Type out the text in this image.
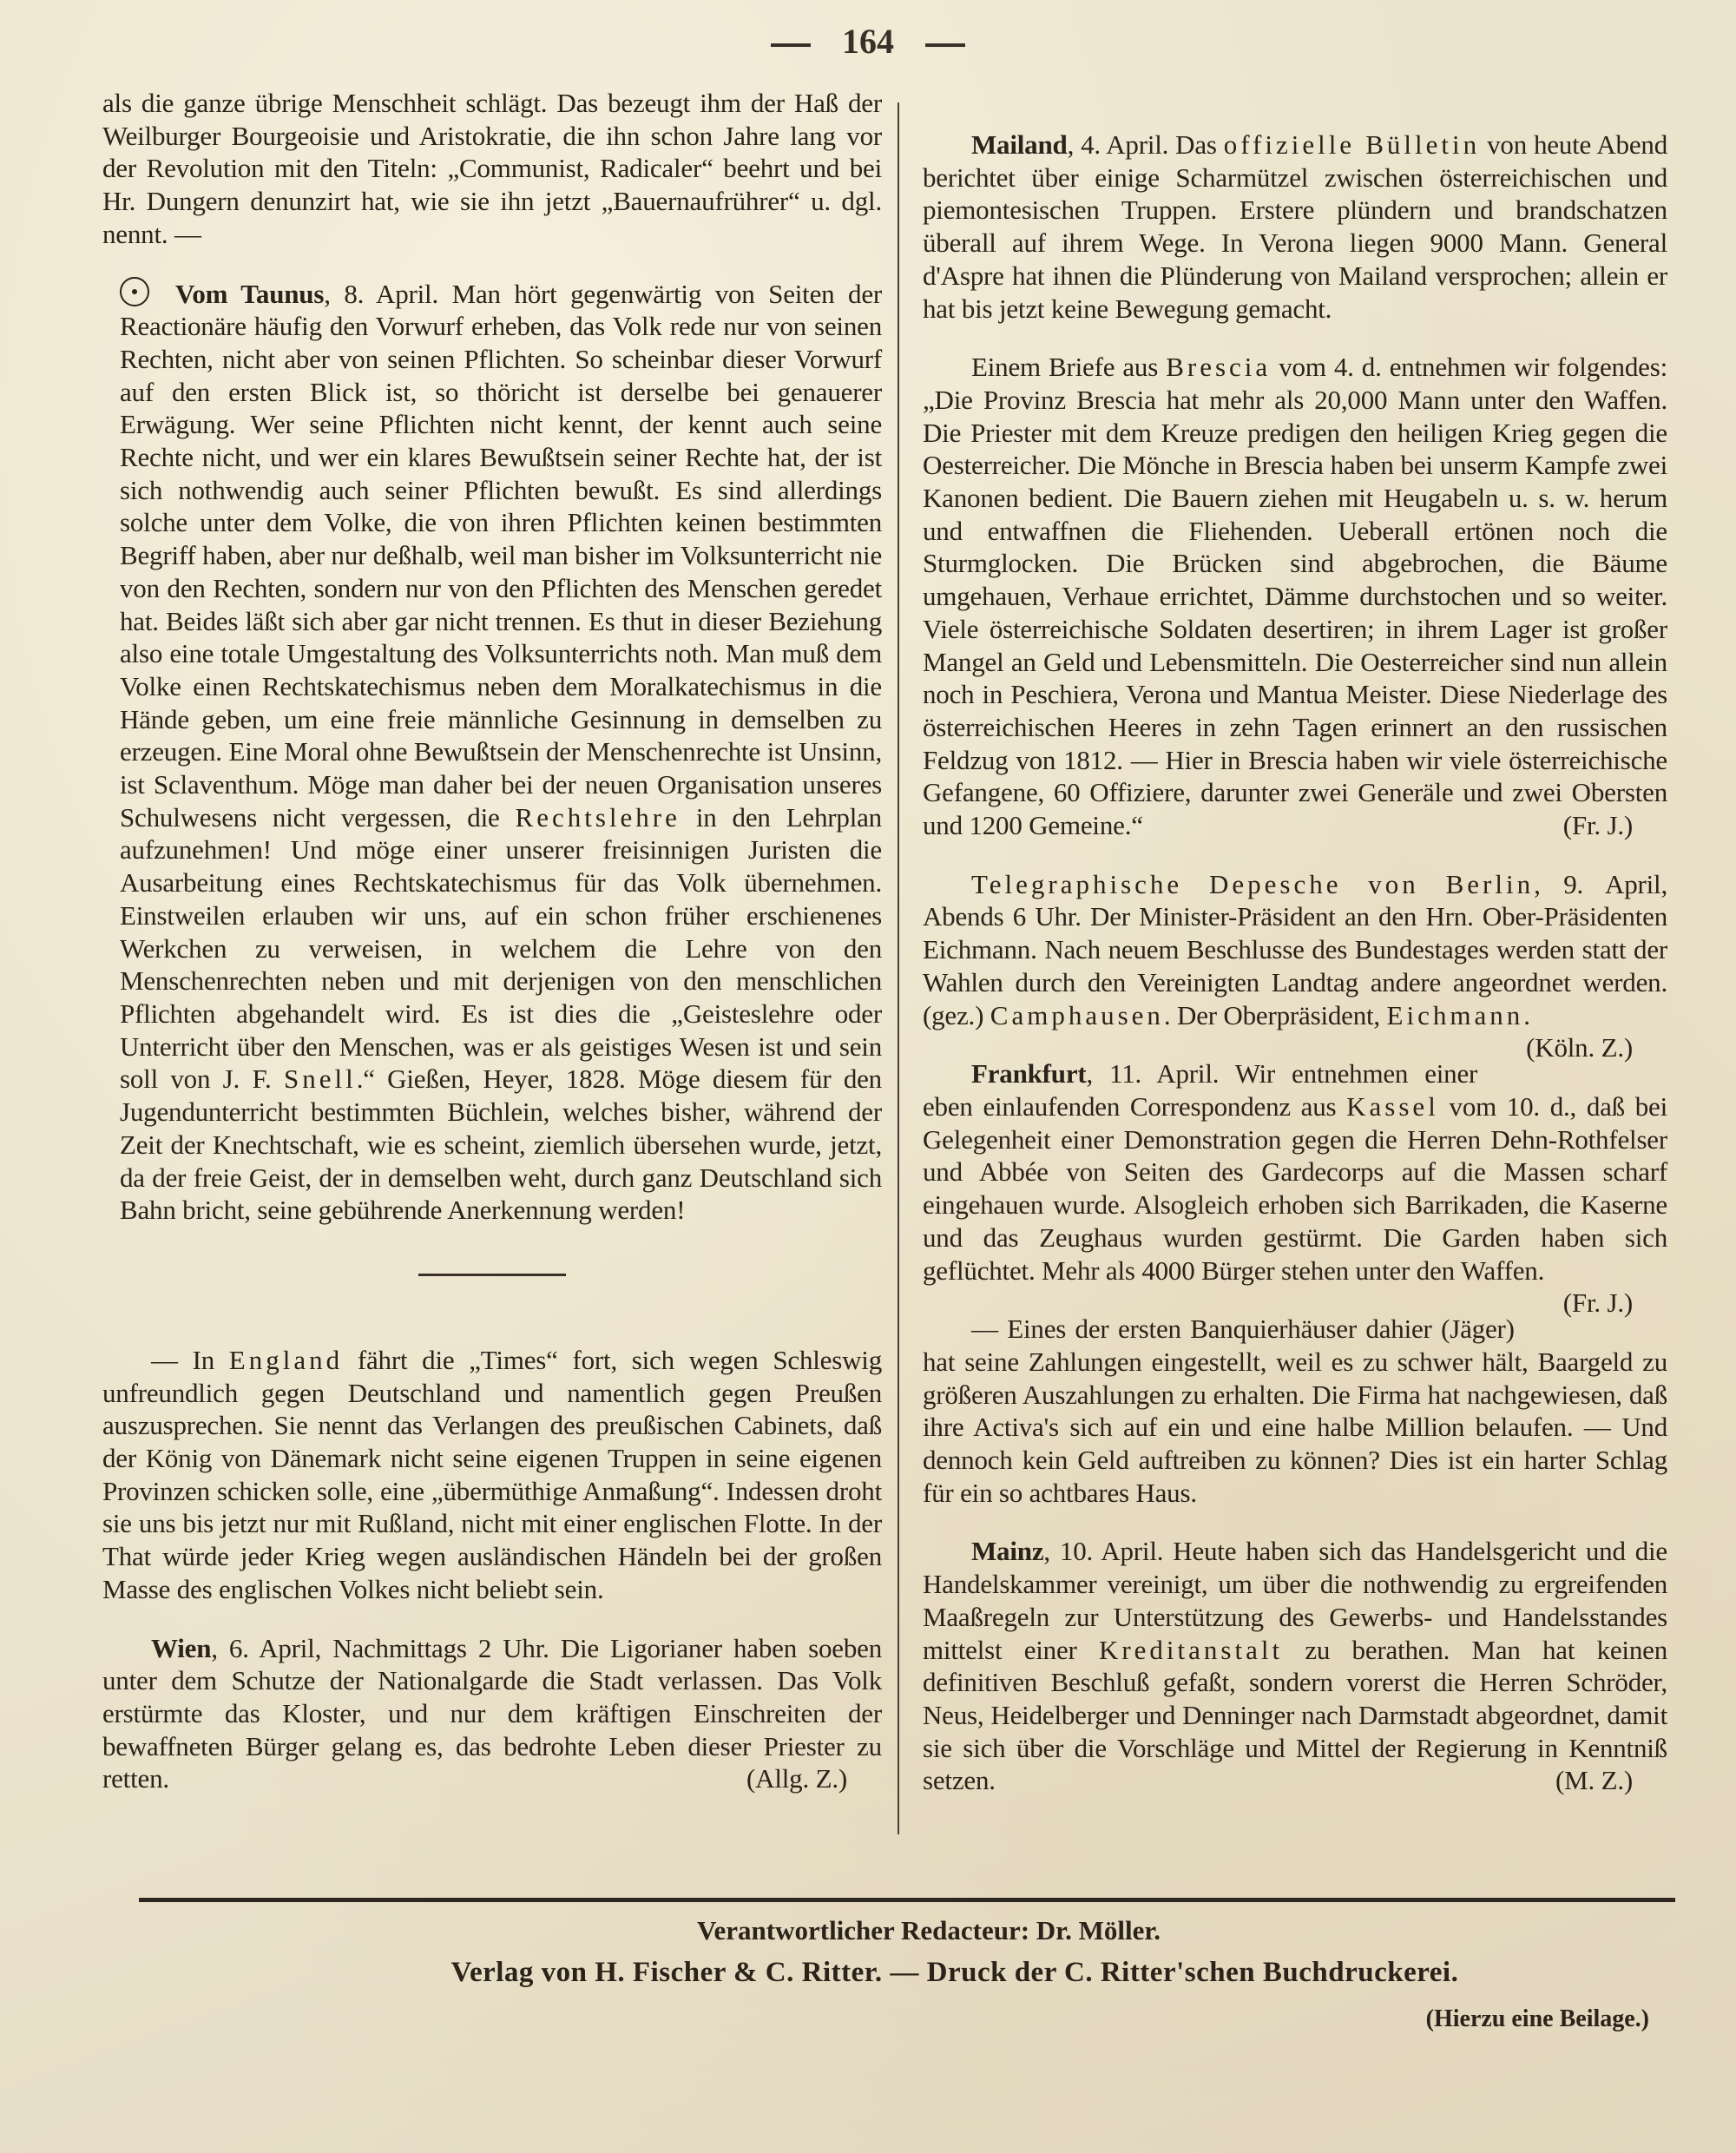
164

als die ganze übrige Menschheit schlägt. Das bezeugt ihm der Haß der Weilburger Bourgeoisie und Aristokratie, die ihn schon Jahre lang vor der Revolution mit den Titeln: „Communist, Radicaler“ beehrt und bei Hr. Dungern denunzirt hat, wie sie ihn jetzt „Bauernaufrührer“ u. dgl. nennt. —

Vom Taunus, 8. April. Man hört gegenwärtig von Seiten der Reactionäre häufig den Vorwurf erheben, das Volk rede nur von seinen Rechten, nicht aber von seinen Pflichten. So scheinbar dieser Vorwurf auf den ersten Blick ist, so thöricht ist derselbe bei genauerer Erwägung. Wer seine Pflichten nicht kennt, der kennt auch seine Rechte nicht, und wer ein klares Bewußtsein seiner Rechte hat, der ist sich nothwendig auch seiner Pflichten bewußt. Es sind allerdings solche unter dem Volke, die von ihren Pflichten keinen bestimmten Begriff haben, aber nur deßhalb, weil man bisher im Volksunterricht nie von den Rechten, sondern nur von den Pflichten des Menschen geredet hat. Beides läßt sich aber gar nicht trennen. Es thut in dieser Beziehung also eine totale Umgestaltung des Volksunterrichts noth. Man muß dem Volke einen Rechtskatechismus neben dem Moralkatechismus in die Hände geben, um eine freie männliche Gesinnung in demselben zu erzeugen. Eine Moral ohne Bewußtsein der Menschenrechte ist Unsinn, ist Sclaventhum. Möge man daher bei der neuen Organisation unseres Schulwesens nicht vergessen, die Rechtslehre in den Lehrplan aufzunehmen! Und möge einer unserer freisinnigen Juristen die Ausarbeitung eines Rechtskatechismus für das Volk übernehmen. Einstweilen erlauben wir uns, auf ein schon früher erschienenes Werkchen zu verweisen, in welchem die Lehre von den Menschenrechten neben und mit derjenigen von den menschlichen Pflichten abgehandelt wird. Es ist dies die „Geisteslehre oder Unterricht über den Menschen, was er als geistiges Wesen ist und sein soll von J. F. Snell.“ Gießen, Heyer, 1828. Möge diesem für den Jugendunterricht bestimmten Büchlein, welches bisher, während der Zeit der Knechtschaft, wie es scheint, ziemlich übersehen wurde, jetzt, da der freie Geist, der in demselben weht, durch ganz Deutschland sich Bahn bricht, seine gebührende Anerkennung werden!

— In England fährt die „Times“ fort, sich wegen Schleswig unfreundlich gegen Deutschland und namentlich gegen Preußen auszusprechen. Sie nennt das Verlangen des preußischen Cabinets, daß der König von Dänemark nicht seine eigenen Truppen in seine eigenen Provinzen schicken solle, eine „übermüthige Anmaßung“. Indessen droht sie uns bis jetzt nur mit Rußland, nicht mit einer englischen Flotte. In der That würde jeder Krieg wegen ausländischen Händeln bei der großen Masse des englischen Volkes nicht beliebt sein.

Wien, 6. April, Nachmittags 2 Uhr. Die Ligorianer haben soeben unter dem Schutze der Nationalgarde die Stadt verlassen. Das Volk erstürmte das Kloster, und nur dem kräftigen Einschreiten der bewaffneten Bürger gelang es, das bedrohte Leben dieser Priester zu retten.	(Allg. Z.)

Mailand, 4. April. Das offizielle Bülletin von heute Abend berichtet über einige Scharmützel zwischen österreichischen und piemontesischen Truppen. Erstere plündern und brandschatzen überall auf ihrem Wege. In Verona liegen 9000 Mann. General d'Aspre hat ihnen die Plünderung von Mailand versprochen; allein er hat bis jetzt keine Bewegung gemacht.

Einem Briefe aus Brescia vom 4. d. entnehmen wir folgendes: „Die Provinz Brescia hat mehr als 20,000 Mann unter den Waffen. Die Priester mit dem Kreuze predigen den heiligen Krieg gegen die Oesterreicher. Die Mönche in Brescia haben bei unserm Kampfe zwei Kanonen bedient. Die Bauern ziehen mit Heugabeln u. s. w. herum und entwaffnen die Fliehenden. Ueberall ertönen noch die Sturmglocken. Die Brücken sind abgebrochen, die Bäume umgehauen, Verhaue errichtet, Dämme durchstochen und so weiter. Viele österreichische Soldaten desertiren; in ihrem Lager ist großer Mangel an Geld und Lebensmitteln. Die Oesterreicher sind nun allein noch in Peschiera, Verona und Mantua Meister. Diese Niederlage des österreichischen Heeres in zehn Tagen erinnert an den russischen Feldzug von 1812. — Hier in Brescia haben wir viele österreichische Gefangene, 60 Offiziere, darunter zwei Generäle und zwei Obersten und 1200 Gemeine.“	(Fr. J.)

Telegraphische Depesche von Berlin, 9. April, Abends 6 Uhr. Der Minister-Präsident an den Hrn. Ober-Präsidenten Eichmann. Nach neuem Beschlusse des Bundestages werden statt der Wahlen durch den Vereinigten Landtag andere angeordnet werden. (gez.) Camphausen. Der Oberpräsident, Eichmann.
(Köln. Z.)

Frankfurt, 11. April. Wir entnehmen einer eben einlaufenden Correspondenz aus Kassel vom 10. d., daß bei Gelegenheit einer Demonstration gegen die Herren Dehn-Rothfelser und Abbée von Seiten des Gardecorps auf die Massen scharf eingehauen wurde. Alsogleich erhoben sich Barrikaden, die Kaserne und das Zeughaus wurden gestürmt. Die Garden haben sich geflüchtet. Mehr als 4000 Bürger stehen unter den Waffen.
(Fr. J.)

— Eines der ersten Banquierhäuser dahier (Jäger) hat seine Zahlungen eingestellt, weil es zu schwer hält, Baargeld zu größeren Auszahlungen zu erhalten. Die Firma hat nachgewiesen, daß ihre Activa's sich auf ein und eine halbe Million belaufen. — Und dennoch kein Geld auftreiben zu können? Dies ist ein harter Schlag für ein so achtbares Haus.

Mainz, 10. April. Heute haben sich das Handelsgericht und die Handelskammer vereinigt, um über die nothwendig zu ergreifenden Maaßregeln zur Unterstützung des Gewerbs- und Handelsstandes mittelst einer Kreditanstalt zu berathen. Man hat keinen definitiven Beschluß gefaßt, sondern vorerst die Herren Schröder, Neus, Heidelberger und Denninger nach Darmstadt abgeordnet, damit sie sich über die Vorschläge und Mittel der Regierung in Kenntniß setzen.	(M. Z.)

Verantwortlicher Redacteur: Dr. Möller.
Verlag von H. Fischer & C. Ritter. — Druck der C. Ritter'schen Buchdruckerei.
(Hierzu eine Beilage.)
